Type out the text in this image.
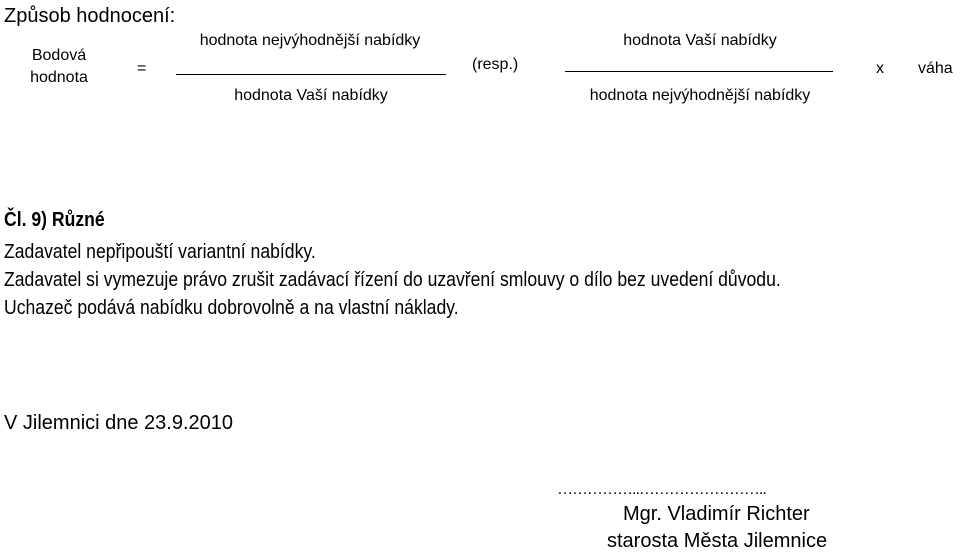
Způsob hodnocení:
Bodová
hodnota
=
hodnota nejvýhodnější nabídky
hodnota Vaší nabídky
(resp.)
hodnota Vaší nabídky
hodnota nejvýhodnější nabídky
x váha
Čl. 9) Různé
Zadavatel nepřipouští variantní nabídky.
Zadavatel si vymezuje právo zrušit zadávací řízení do uzavření smlouvy o dílo bez uvedení důvodu.
Uchazeč podává nabídku dobrovolně a na vlastní náklady.
V Jilemnici dne 23.9.2010
……………..……………………..
Mgr. Vladimír Richter
starosta Města Jilemnice
